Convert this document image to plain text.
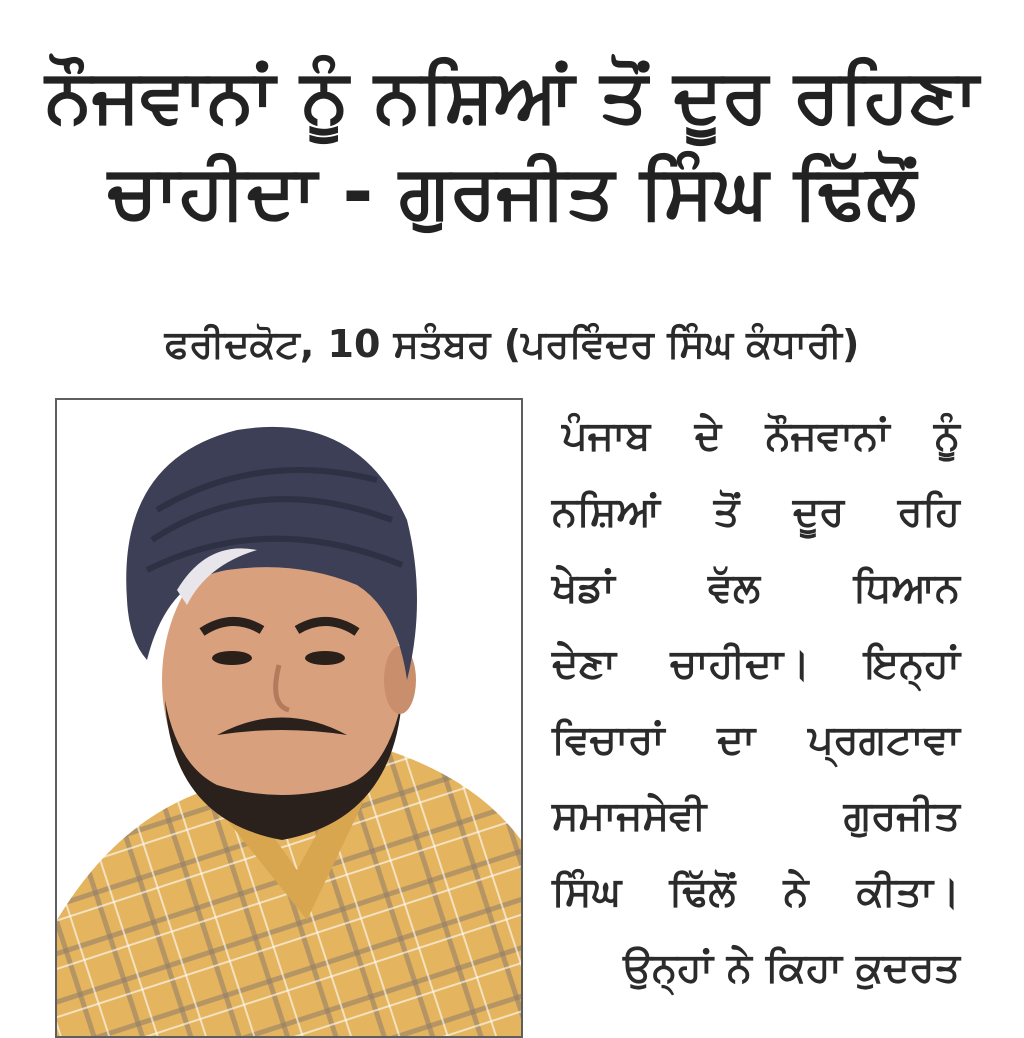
ਨੌਜਵਾਨਾਂ ਨੂੰ ਨਸ਼ਿਆਂ ਤੋਂ ਦੂਰ ਰਹਿਣਾ
ਚਾਹੀਦਾ - ਗੁਰਜੀਤ ਸਿੰਘ ਢਿੱਲੋਂ
ਫਰੀਦਕੋਟ, 10 ਸਤੰਬਰ (ਪਰਵਿੰਦਰ ਸਿੰਘ ਕੰਧਾਰੀ)
ਪੰਜਾਬ ਦੇ ਨੌਜਵਾਨਾਂ ਨੂੰ
ਨਸ਼ਿਆਂ ਤੋਂ ਦੂਰ ਰਹਿ
ਖੇਡਾਂ ਵੱਲ ਧਿਆਨ
ਦੇਣਾ ਚਾਹੀਦਾ। ਇਨ੍ਹਾਂ
ਵਿਚਾਰਾਂ ਦਾ ਪ੍ਰਗਟਾਵਾ
ਸਮਾਜਸੇਵੀ ਗੁਰਜੀਤ
ਸਿੰਘ ਢਿੱਲੋਂ ਨੇ ਕੀਤਾ।
ਉਨ੍ਹਾਂ ਨੇ ਕਿਹਾ ਕੁਦਰਤ
